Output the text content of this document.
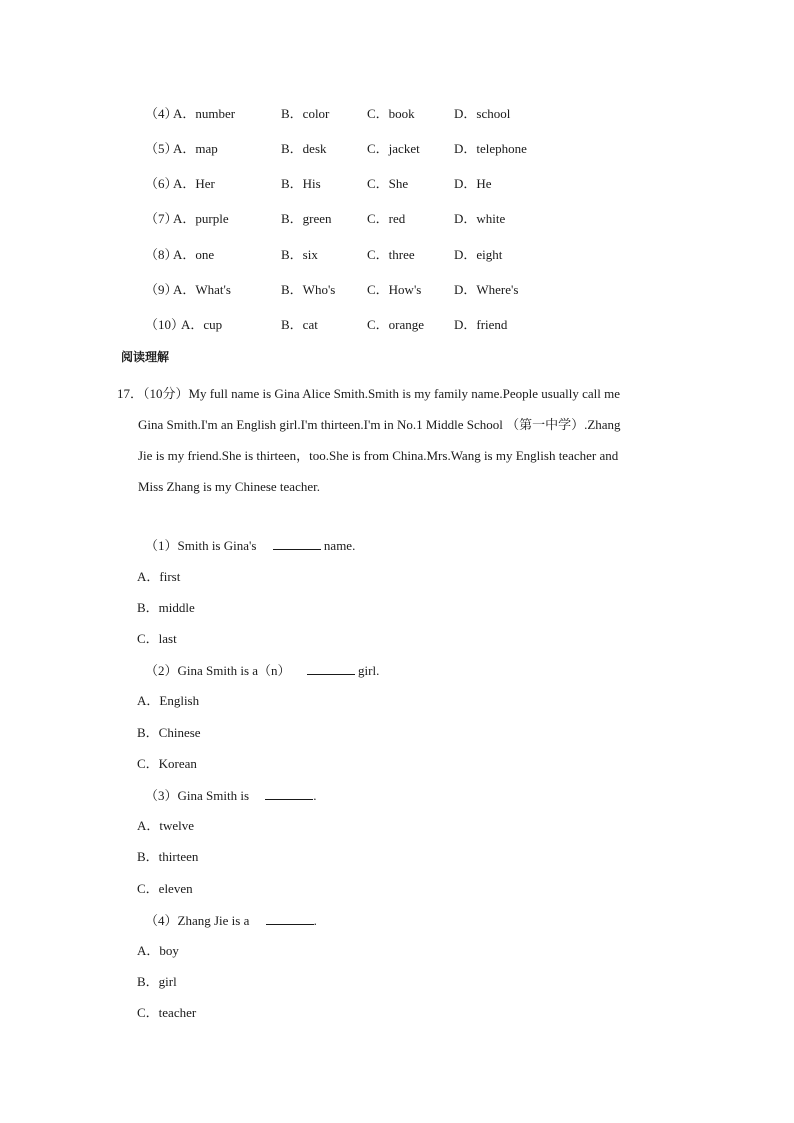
（4）
A．number	B．color	C．book	D．school
（5）
A．map	B．desk	C．jacket	D．telephone
（6）
A．Her	B．His	C．She	D．He
（7）
A．purple	B．green	C．red	D．white
（8）
A．one	B．six	C．three	D．eight
（9）
A．What's	B．Who's C．How's	D．Where's
（10）
A．cup	B．cat	C．orange D．friend
阅读理解
17．（10分）My full name is Gina Alice Smith.Smith is my family name.People usually call me
Gina Smith.I'm an English girl.I'm thirteen.I'm in No.1 Middle School （第一中学）.Zhang
Jie is my friend.She is thirteen，too.She is from China.Mrs.Wang is my English teacher and
Miss Zhang is my Chinese teacher.
（1）Smith is Gina's	name.
A．first
B．middle
C．last
（2）Gina Smith is a（n）	girl.
A．English
B．Chinese
C．Korean
（3）Gina Smith is	.
A．twelve
B．thirteen
C．eleven
（4）Zhang Jie is a	.
A．boy
B．girl
C．teacher
